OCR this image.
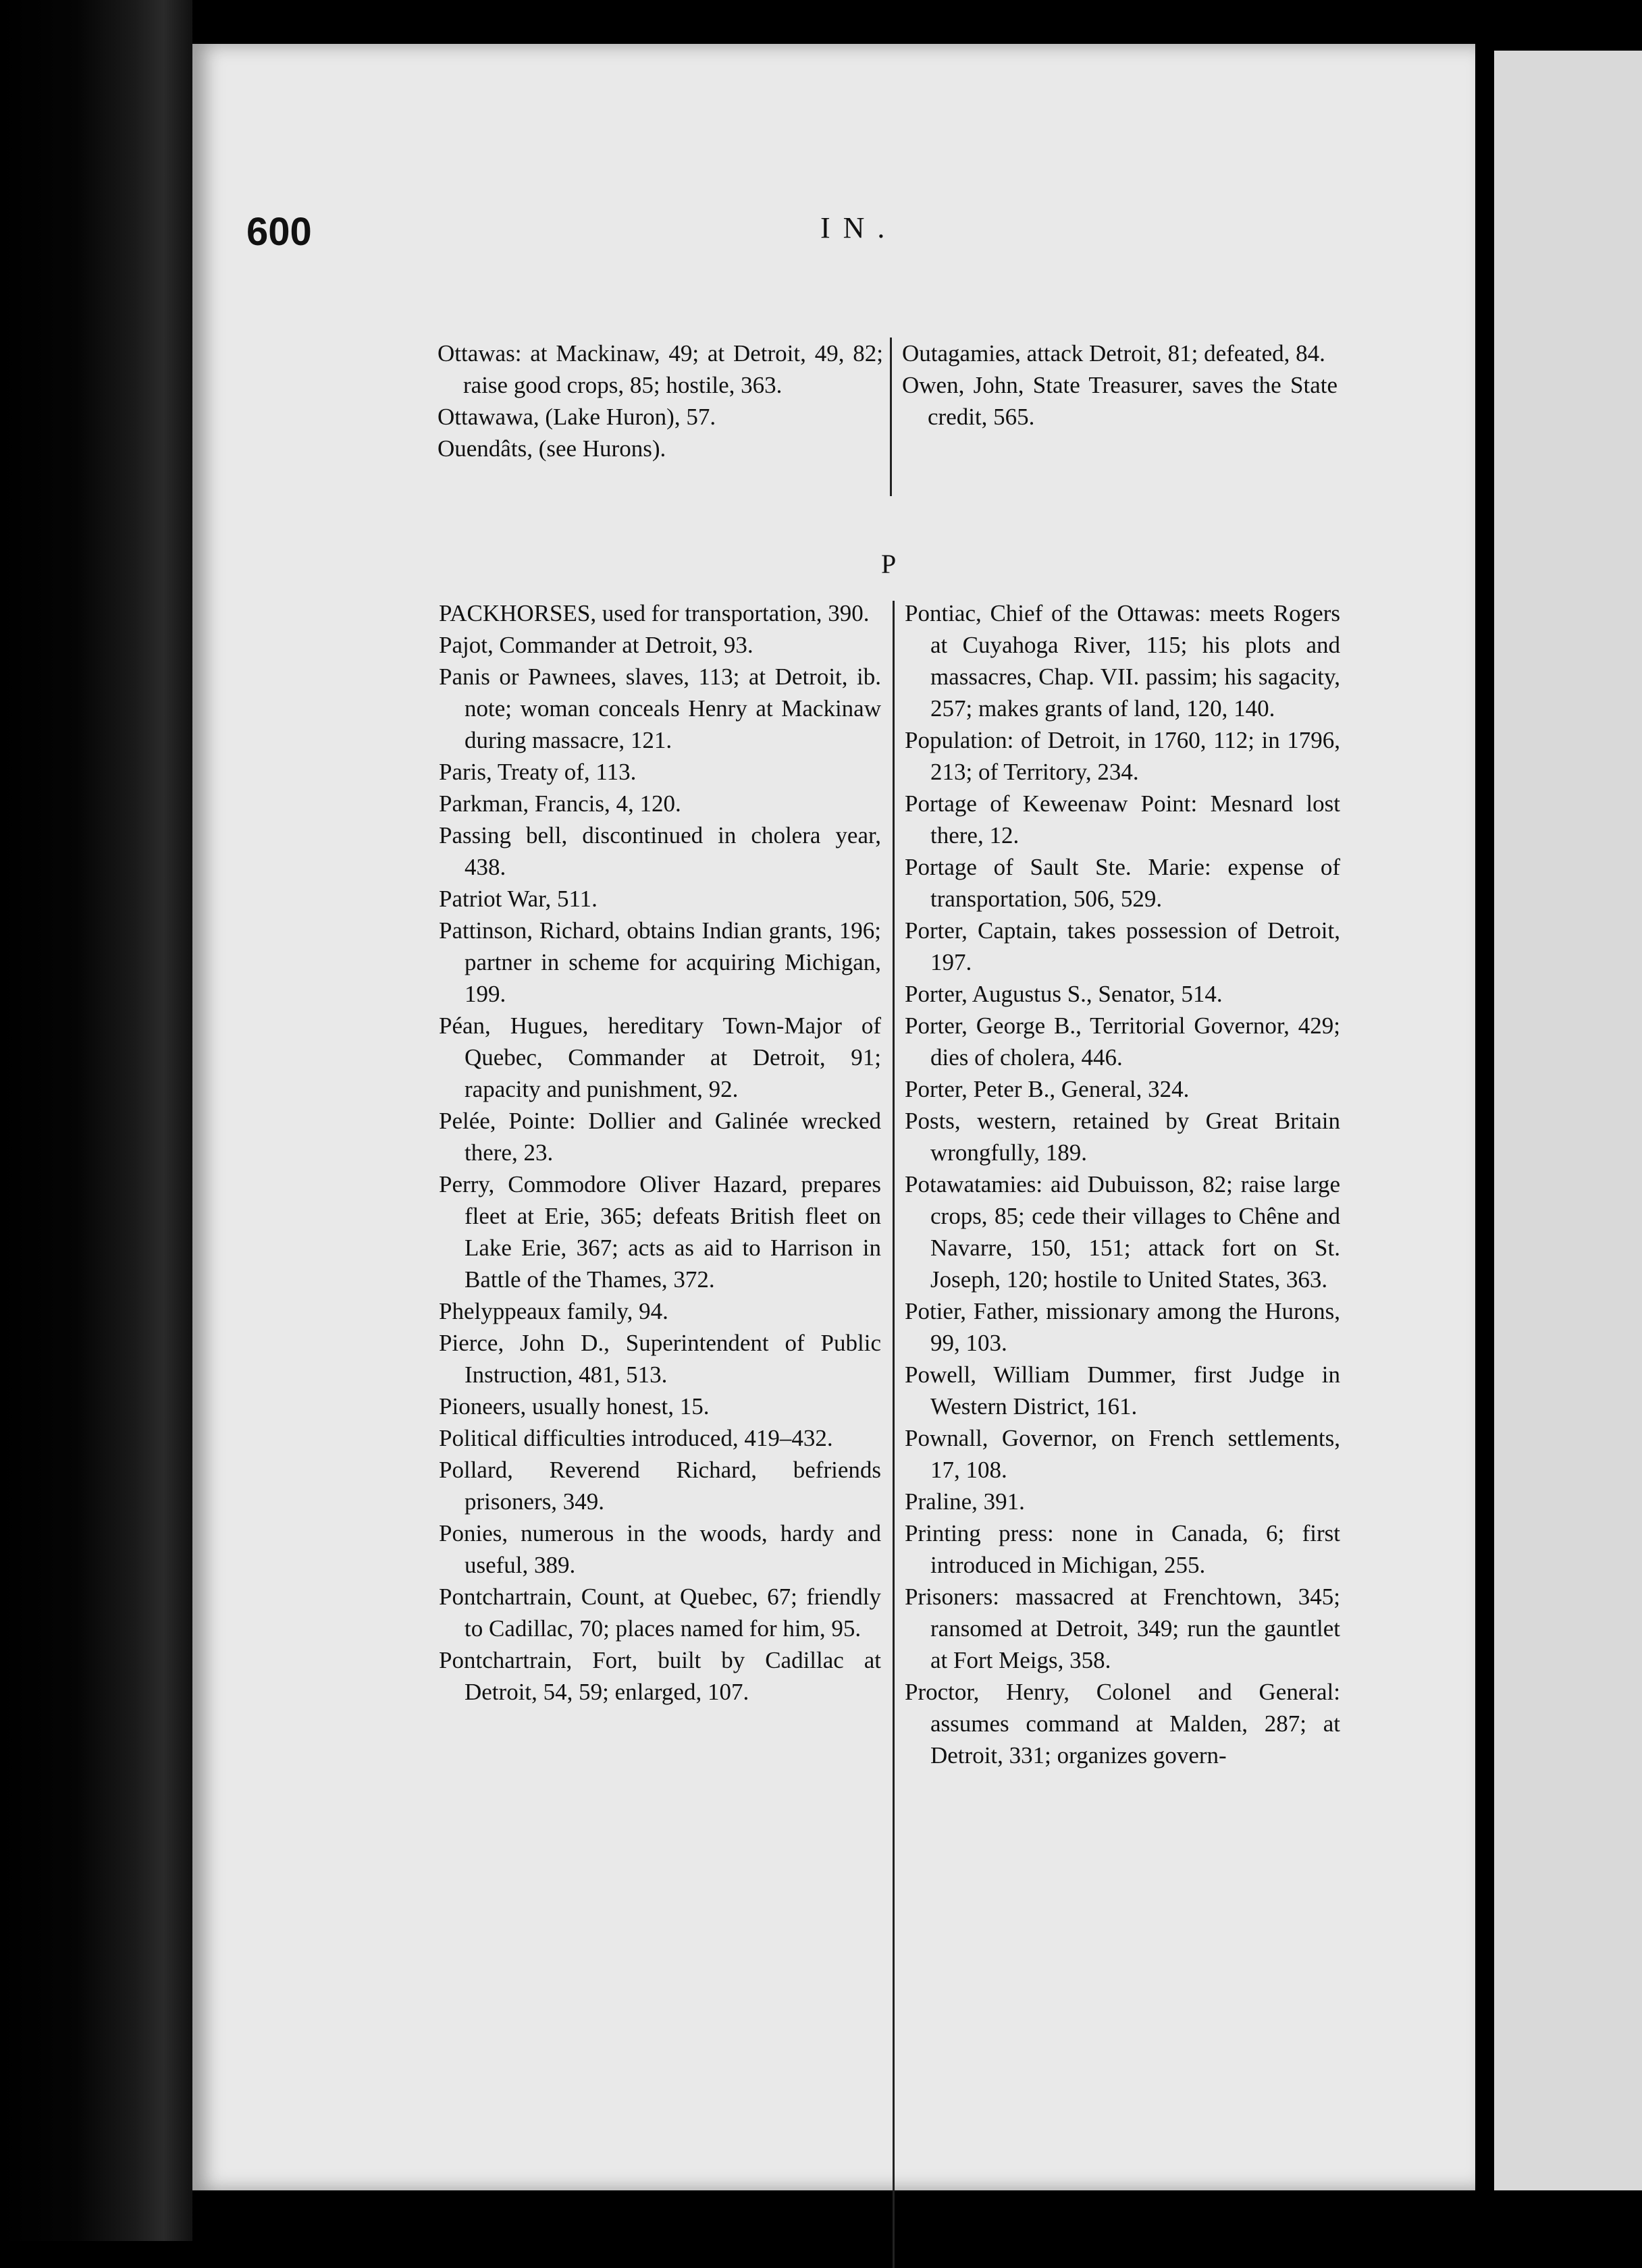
600	I N .

Ottawas: at Mackinaw, 49; at Detroit, 49, 82; raise good crops, 85; hostile, 363.

Ottawawa, (Lake Huron), 57.

Ouendâts, (see Hurons).

Outagamies, attack Detroit, 81; defeated, 84.

Owen, John, State Treasurer, saves the State credit, 565.

P

PACKHORSES, used for transportation, 390.

Pajot, Commander at Detroit, 93.

Panis or Pawnees, slaves, 113; at Detroit, ib. note; woman conceals Henry at Mackinaw during massacre, 121.

Paris, Treaty of, 113.

Parkman, Francis, 4, 120.

Passing bell, discontinued in cholera year, 438.

Patriot War, 511.

Pattinson, Richard, obtains Indian grants, 196; partner in scheme for acquiring Michigan, 199.

Péan, Hugues, hereditary Town-Major of Quebec, Commander at Detroit, 91; rapacity and punishment, 92.

Pelée, Pointe: Dollier and Galinée wrecked there, 23.

Perry, Commodore Oliver Hazard, prepares fleet at Erie, 365; defeats British fleet on Lake Erie, 367; acts as aid to Harrison in Battle of the Thames, 372.

Phelyppeaux family, 94.

Pierce, John D., Superintendent of Public Instruction, 481, 513.

Pioneers, usually honest, 15.

Political difficulties introduced, 419–432.

Pollard, Reverend Richard, befriends prisoners, 349.

Ponies, numerous in the woods, hardy and useful, 389.

Pontchartrain, Count, at Quebec, 67; friendly to Cadillac, 70; places named for him, 95.

Pontchartrain, Fort, built by Cadillac at Detroit, 54, 59; enlarged, 107.

Pontiac, Chief of the Ottawas: meets Rogers at Cuyahoga River, 115; his plots and massacres, Chap. VII. passim; his sagacity, 257; makes grants of land, 120, 140.

Population: of Detroit, in 1760, 112; in 1796, 213; of Territory, 234.

Portage of Keweenaw Point: Mesnard lost there, 12.

Portage of Sault Ste. Marie: expense of transportation, 506, 529.

Porter, Captain, takes possession of Detroit, 197.

Porter, Augustus S., Senator, 514.

Porter, George B., Territorial Governor, 429; dies of cholera, 446.

Porter, Peter B., General, 324.

Posts, western, retained by Great Britain wrongfully, 189.

Potawatamies: aid Dubuisson, 82; raise large crops, 85; cede their villages to Chêne and Navarre, 150, 151; attack fort on St. Joseph, 120; hostile to United States, 363.

Potier, Father, missionary among the Hurons, 99, 103.

Powell, William Dummer, first Judge in Western District, 161.

Pownall, Governor, on French settlements, 17, 108.

Praline, 391.

Printing press: none in Canada, 6; first introduced in Michigan, 255.

Prisoners: massacred at Frenchtown, 345; ransomed at Detroit, 349; run the gauntlet at Fort Meigs, 358.

Proctor, Henry, Colonel and General: assumes command at Malden, 287; at Detroit, 331; organizes govern-
